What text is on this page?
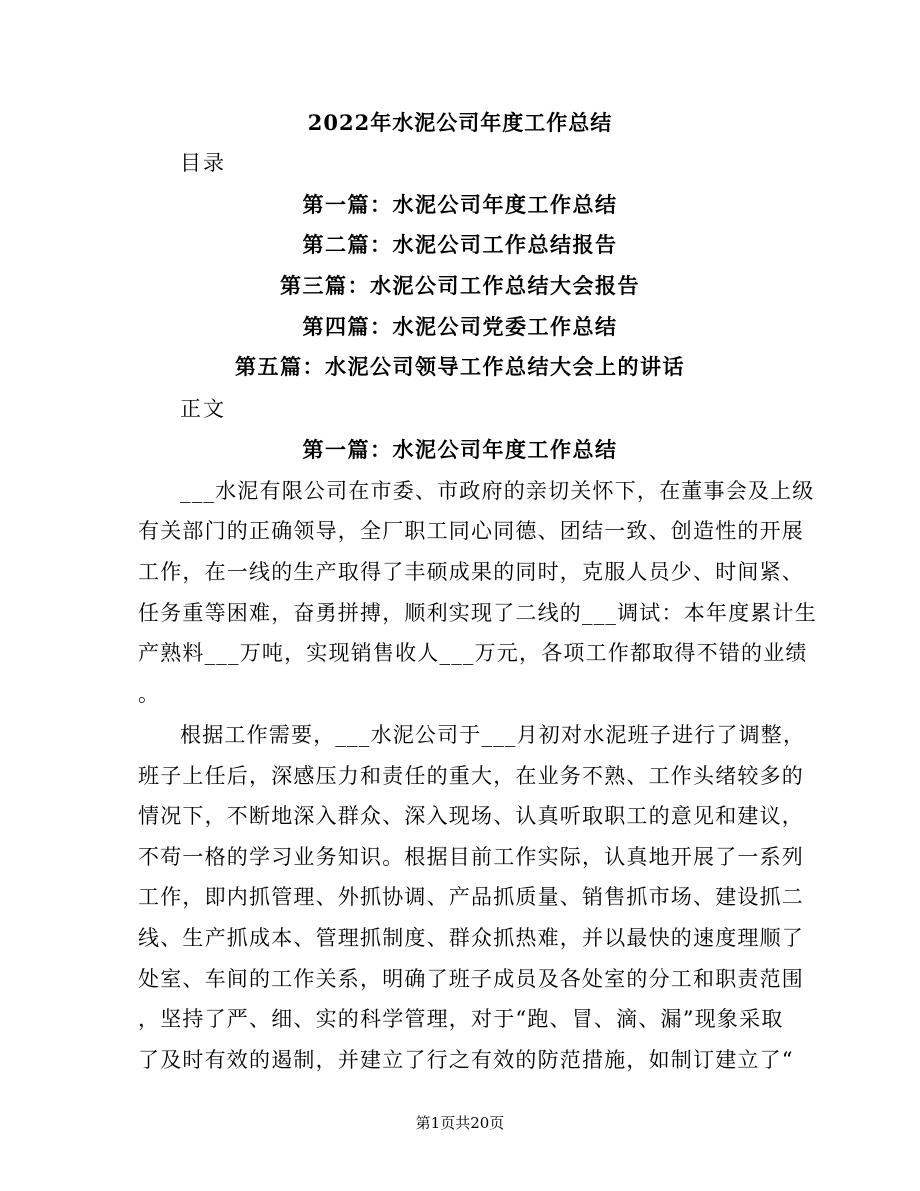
2022年水泥公司年度工作总结
目录
第一篇：水泥公司年度工作总结
第二篇：水泥公司工作总结报告
第三篇：水泥公司工作总结大会报告
第四篇：水泥公司党委工作总结
第五篇：水泥公司领导工作总结大会上的讲话
正文
第一篇：水泥公司年度工作总结
___水泥有限公司在市委、市政府的亲切关怀下，在董事会及上级
有关部门的正确领导，全厂职工同心同德、团结一致、创造性的开展
工作，在一线的生产取得了丰硕成果的同时，克服人员少、时间紧、
任务重等困难，奋勇拼搏，顺利实现了二线的___调试：本年度累计生
产熟料___万吨，实现销售收人___万元，各项工作都取得不错的业绩
。
根据工作需要，___水泥公司于___月初对水泥班子进行了调整，
班子上任后，深感压力和责任的重大，在业务不熟、工作头绪较多的
情况下，不断地深入群众、深入现场、认真听取职工的意见和建议，
不苟一格的学习业务知识。根据目前工作实际，认真地开展了一系列
工作，即内抓管理、外抓协调、产品抓质量、销售抓市场、建设抓二
线、生产抓成本、管理抓制度、群众抓热难，并以最快的速度理顺了
处室、车间的工作关系，明确了班子成员及各处室的分工和职责范围
，坚持了严、细、实的科学管理，对于“跑、冒、滴、漏”现象采取
了及时有效的遏制，并建立了行之有效的防范措施，如制订建立了“
第1页共20页
